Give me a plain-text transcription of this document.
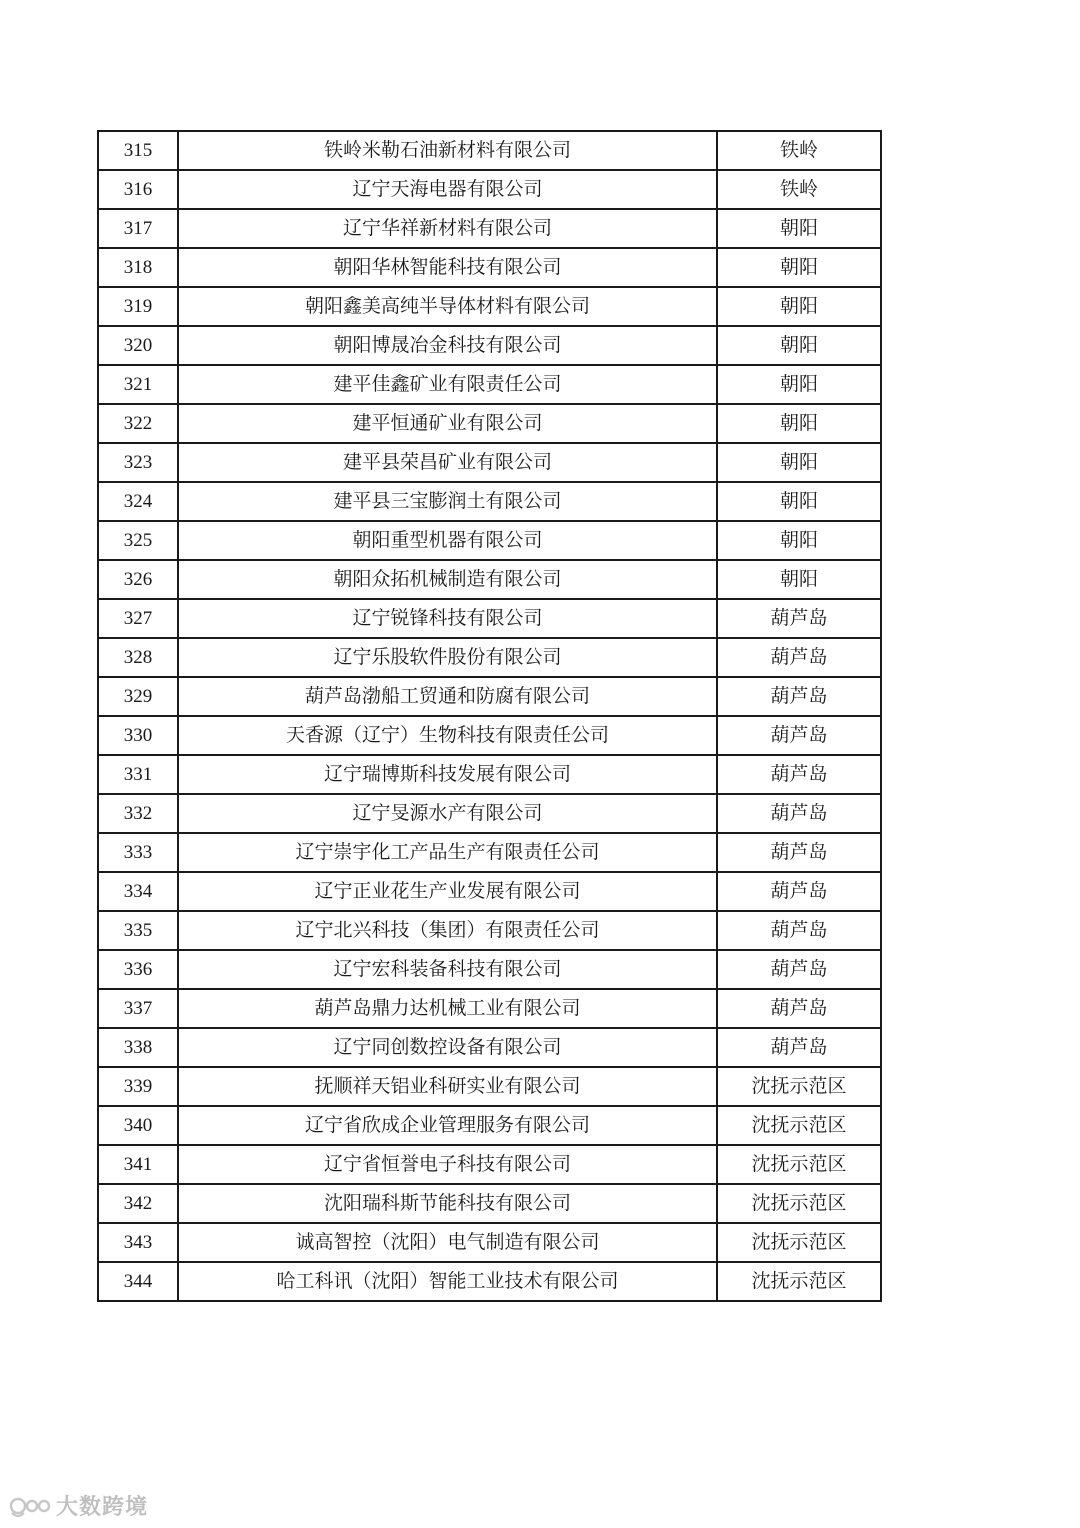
315	铁岭米勒石油新材料有限公司	铁岭
316	辽宁天海电器有限公司	铁岭
317	辽宁华祥新材料有限公司	朝阳
318	朝阳华林智能科技有限公司	朝阳
319	朝阳鑫美高纯半导体材料有限公司	朝阳
320	朝阳博晟冶金科技有限公司	朝阳
321	建平佳鑫矿业有限责任公司	朝阳
322	建平恒通矿业有限公司	朝阳
323	建平县荣昌矿业有限公司	朝阳
324	建平县三宝膨润土有限公司	朝阳
325	朝阳重型机器有限公司	朝阳
326	朝阳众拓机械制造有限公司	朝阳
327	辽宁锐锋科技有限公司	葫芦岛
328	辽宁乐股软件股份有限公司	葫芦岛
329	葫芦岛渤船工贸通和防腐有限公司	葫芦岛
330	天香源（辽宁）生物科技有限责任公司	葫芦岛
331	辽宁瑞博斯科技发展有限公司	葫芦岛
332	辽宁旻源水产有限公司	葫芦岛
333	辽宁崇宇化工产品生产有限责任公司	葫芦岛
334	辽宁正业花生产业发展有限公司	葫芦岛
335	辽宁北兴科技（集团）有限责任公司	葫芦岛
336	辽宁宏科装备科技有限公司	葫芦岛
337	葫芦岛鼎力达机械工业有限公司	葫芦岛
338	辽宁同创数控设备有限公司	葫芦岛
339	抚顺祥天铝业科研实业有限公司	沈抚示范区
340	辽宁省欣成企业管理服务有限公司	沈抚示范区
341	辽宁省恒誉电子科技有限公司	沈抚示范区
342	沈阳瑞科斯节能科技有限公司	沈抚示范区
343	诚高智控（沈阳）电气制造有限公司	沈抚示范区
344	哈工科讯（沈阳）智能工业技术有限公司	沈抚示范区
大数跨境
